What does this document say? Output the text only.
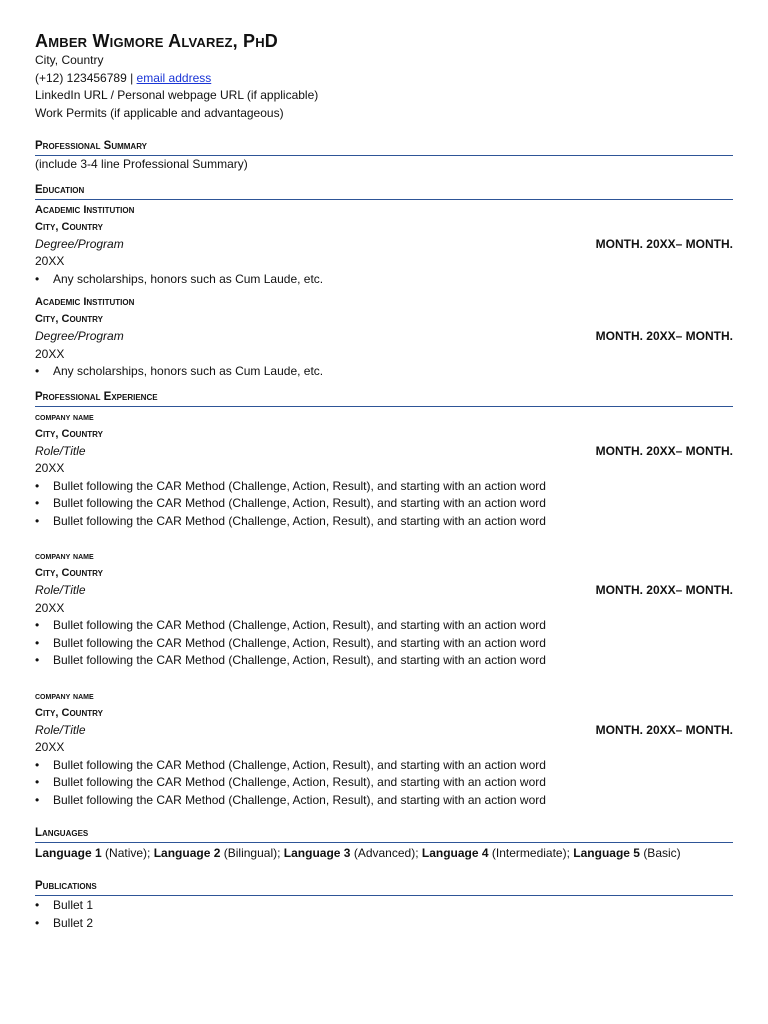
Amber Wigmore Alvarez, PhD
City, Country
(+12) 123456789 | email address
LinkedIn URL / Personal webpage URL (if applicable)
Work Permits (if applicable and advantageous)
Professional Summary
(include 3-4 line Professional Summary)
Education
Academic Institution
City, Country
Degree/Program	MONTH. 20XX– MONTH.
20XX
• Any scholarships, honors such as Cum Laude, etc.
Academic Institution
City, Country
Degree/Program	MONTH. 20XX– MONTH.
20XX
• Any scholarships, honors such as Cum Laude, etc.
Professional Experience
company name
City, Country
Role/Title	MONTH. 20XX– MONTH.
20XX
• Bullet following the CAR Method (Challenge, Action, Result), and starting with an action word
• Bullet following the CAR Method (Challenge, Action, Result), and starting with an action word
• Bullet following the CAR Method (Challenge, Action, Result), and starting with an action word
company name
City, Country
Role/Title	MONTH. 20XX– MONTH.
20XX
• Bullet following the CAR Method (Challenge, Action, Result), and starting with an action word
• Bullet following the CAR Method (Challenge, Action, Result), and starting with an action word
• Bullet following the CAR Method (Challenge, Action, Result), and starting with an action word
company name
City, Country
Role/Title	MONTH. 20XX– MONTH.
20XX
• Bullet following the CAR Method (Challenge, Action, Result), and starting with an action word
• Bullet following the CAR Method (Challenge, Action, Result), and starting with an action word
• Bullet following the CAR Method (Challenge, Action, Result), and starting with an action word
Languages
Language 1 (Native); Language 2 (Bilingual); Language 3 (Advanced); Language 4 (Intermediate); Language 5 (Basic)
Publications
• Bullet 1
• Bullet 2
